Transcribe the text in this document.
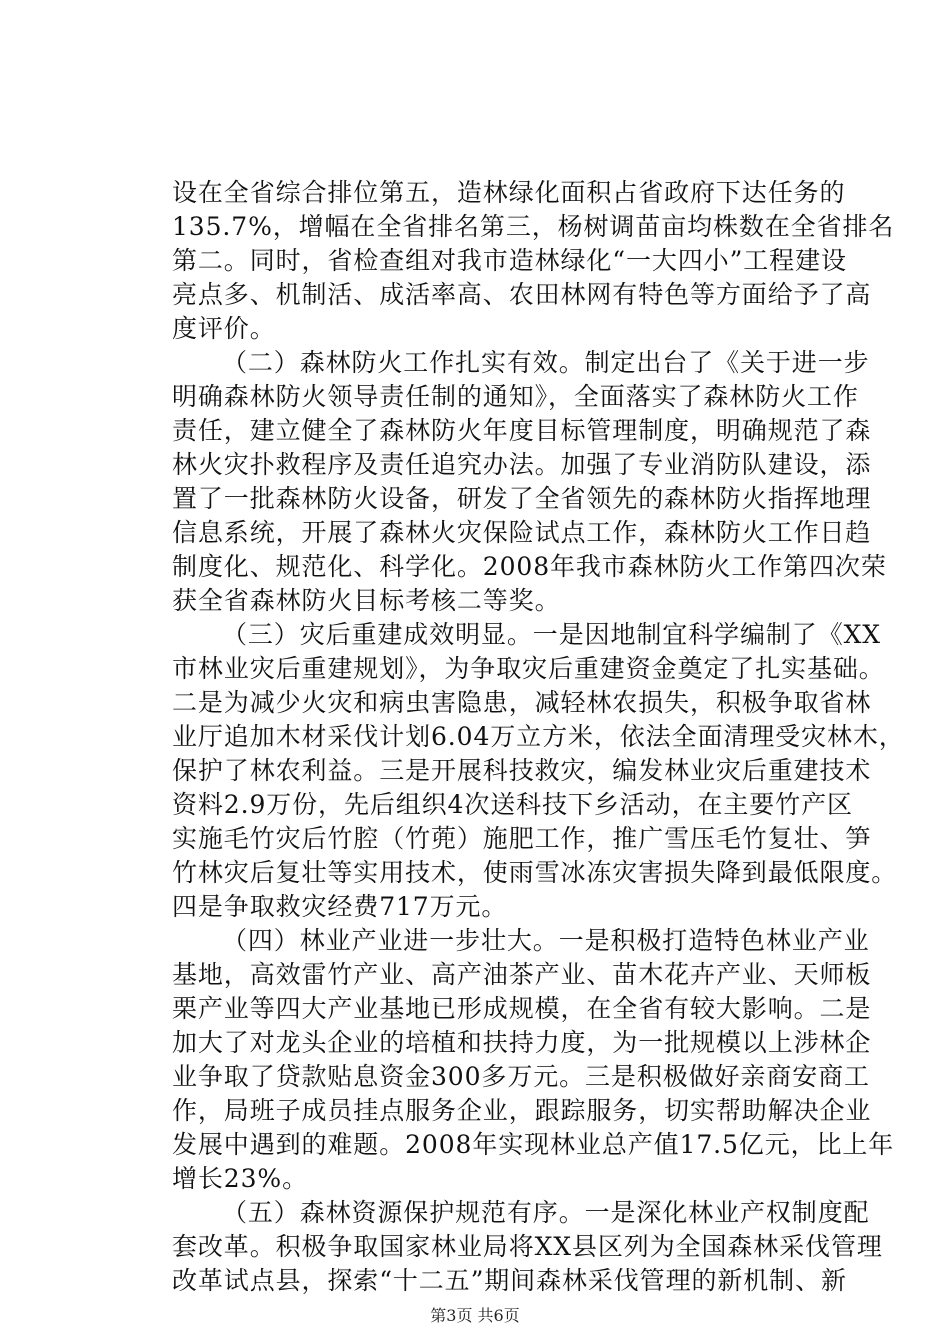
设在全省综合排位第五，造林绿化面积占省政府下达任务的
135.7%，增幅在全省排名第三，杨树调苗亩均株数在全省排名
第二。同时，省检查组对我市造林绿化“一大四小”工程建设
亮点多、机制活、成活率高、农田林网有特色等方面给予了高
度评价。
（二）森林防火工作扎实有效。制定出台了《关于进一步
明确森林防火领导责任制的通知》，全面落实了森林防火工作
责任，建立健全了森林防火年度目标管理制度，明确规范了森
林火灾扑救程序及责任追究办法。加强了专业消防队建设，添
置了一批森林防火设备，研发了全省领先的森林防火指挥地理
信息系统，开展了森林火灾保险试点工作，森林防火工作日趋
制度化、规范化、科学化。2008年我市森林防火工作第四次荣
获全省森林防火目标考核二等奖。
（三）灾后重建成效明显。一是因地制宜科学编制了《XX
市林业灾后重建规划》，为争取灾后重建资金奠定了扎实基础。
二是为减少火灾和病虫害隐患，减轻林农损失，积极争取省林
业厅追加木材采伐计划6.04万立方米，依法全面清理受灾林木，
保护了林农利益。三是开展科技救灾，编发林业灾后重建技术
资料2.9万份，先后组织4次送科技下乡活动，在主要竹产区
实施毛竹灾后竹腔（竹蔸）施肥工作，推广雪压毛竹复壮、笋
竹林灾后复壮等实用技术，使雨雪冰冻灾害损失降到最低限度。
四是争取救灾经费717万元。
（四）林业产业进一步壮大。一是积极打造特色林业产业
基地，高效雷竹产业、高产油茶产业、苗木花卉产业、天师板
栗产业等四大产业基地已形成规模，在全省有较大影响。二是
加大了对龙头企业的培植和扶持力度，为一批规模以上涉林企
业争取了贷款贴息资金300多万元。三是积极做好亲商安商工
作，局班子成员挂点服务企业，跟踪服务，切实帮助解决企业
发展中遇到的难题。2008年实现林业总产值17.5亿元，比上年
增长23%。
（五）森林资源保护规范有序。一是深化林业产权制度配
套改革。积极争取国家林业局将XX县区列为全国森林采伐管理
改革试点县，探索“十二五”期间森林采伐管理的新机制、新
第3页 共6页
